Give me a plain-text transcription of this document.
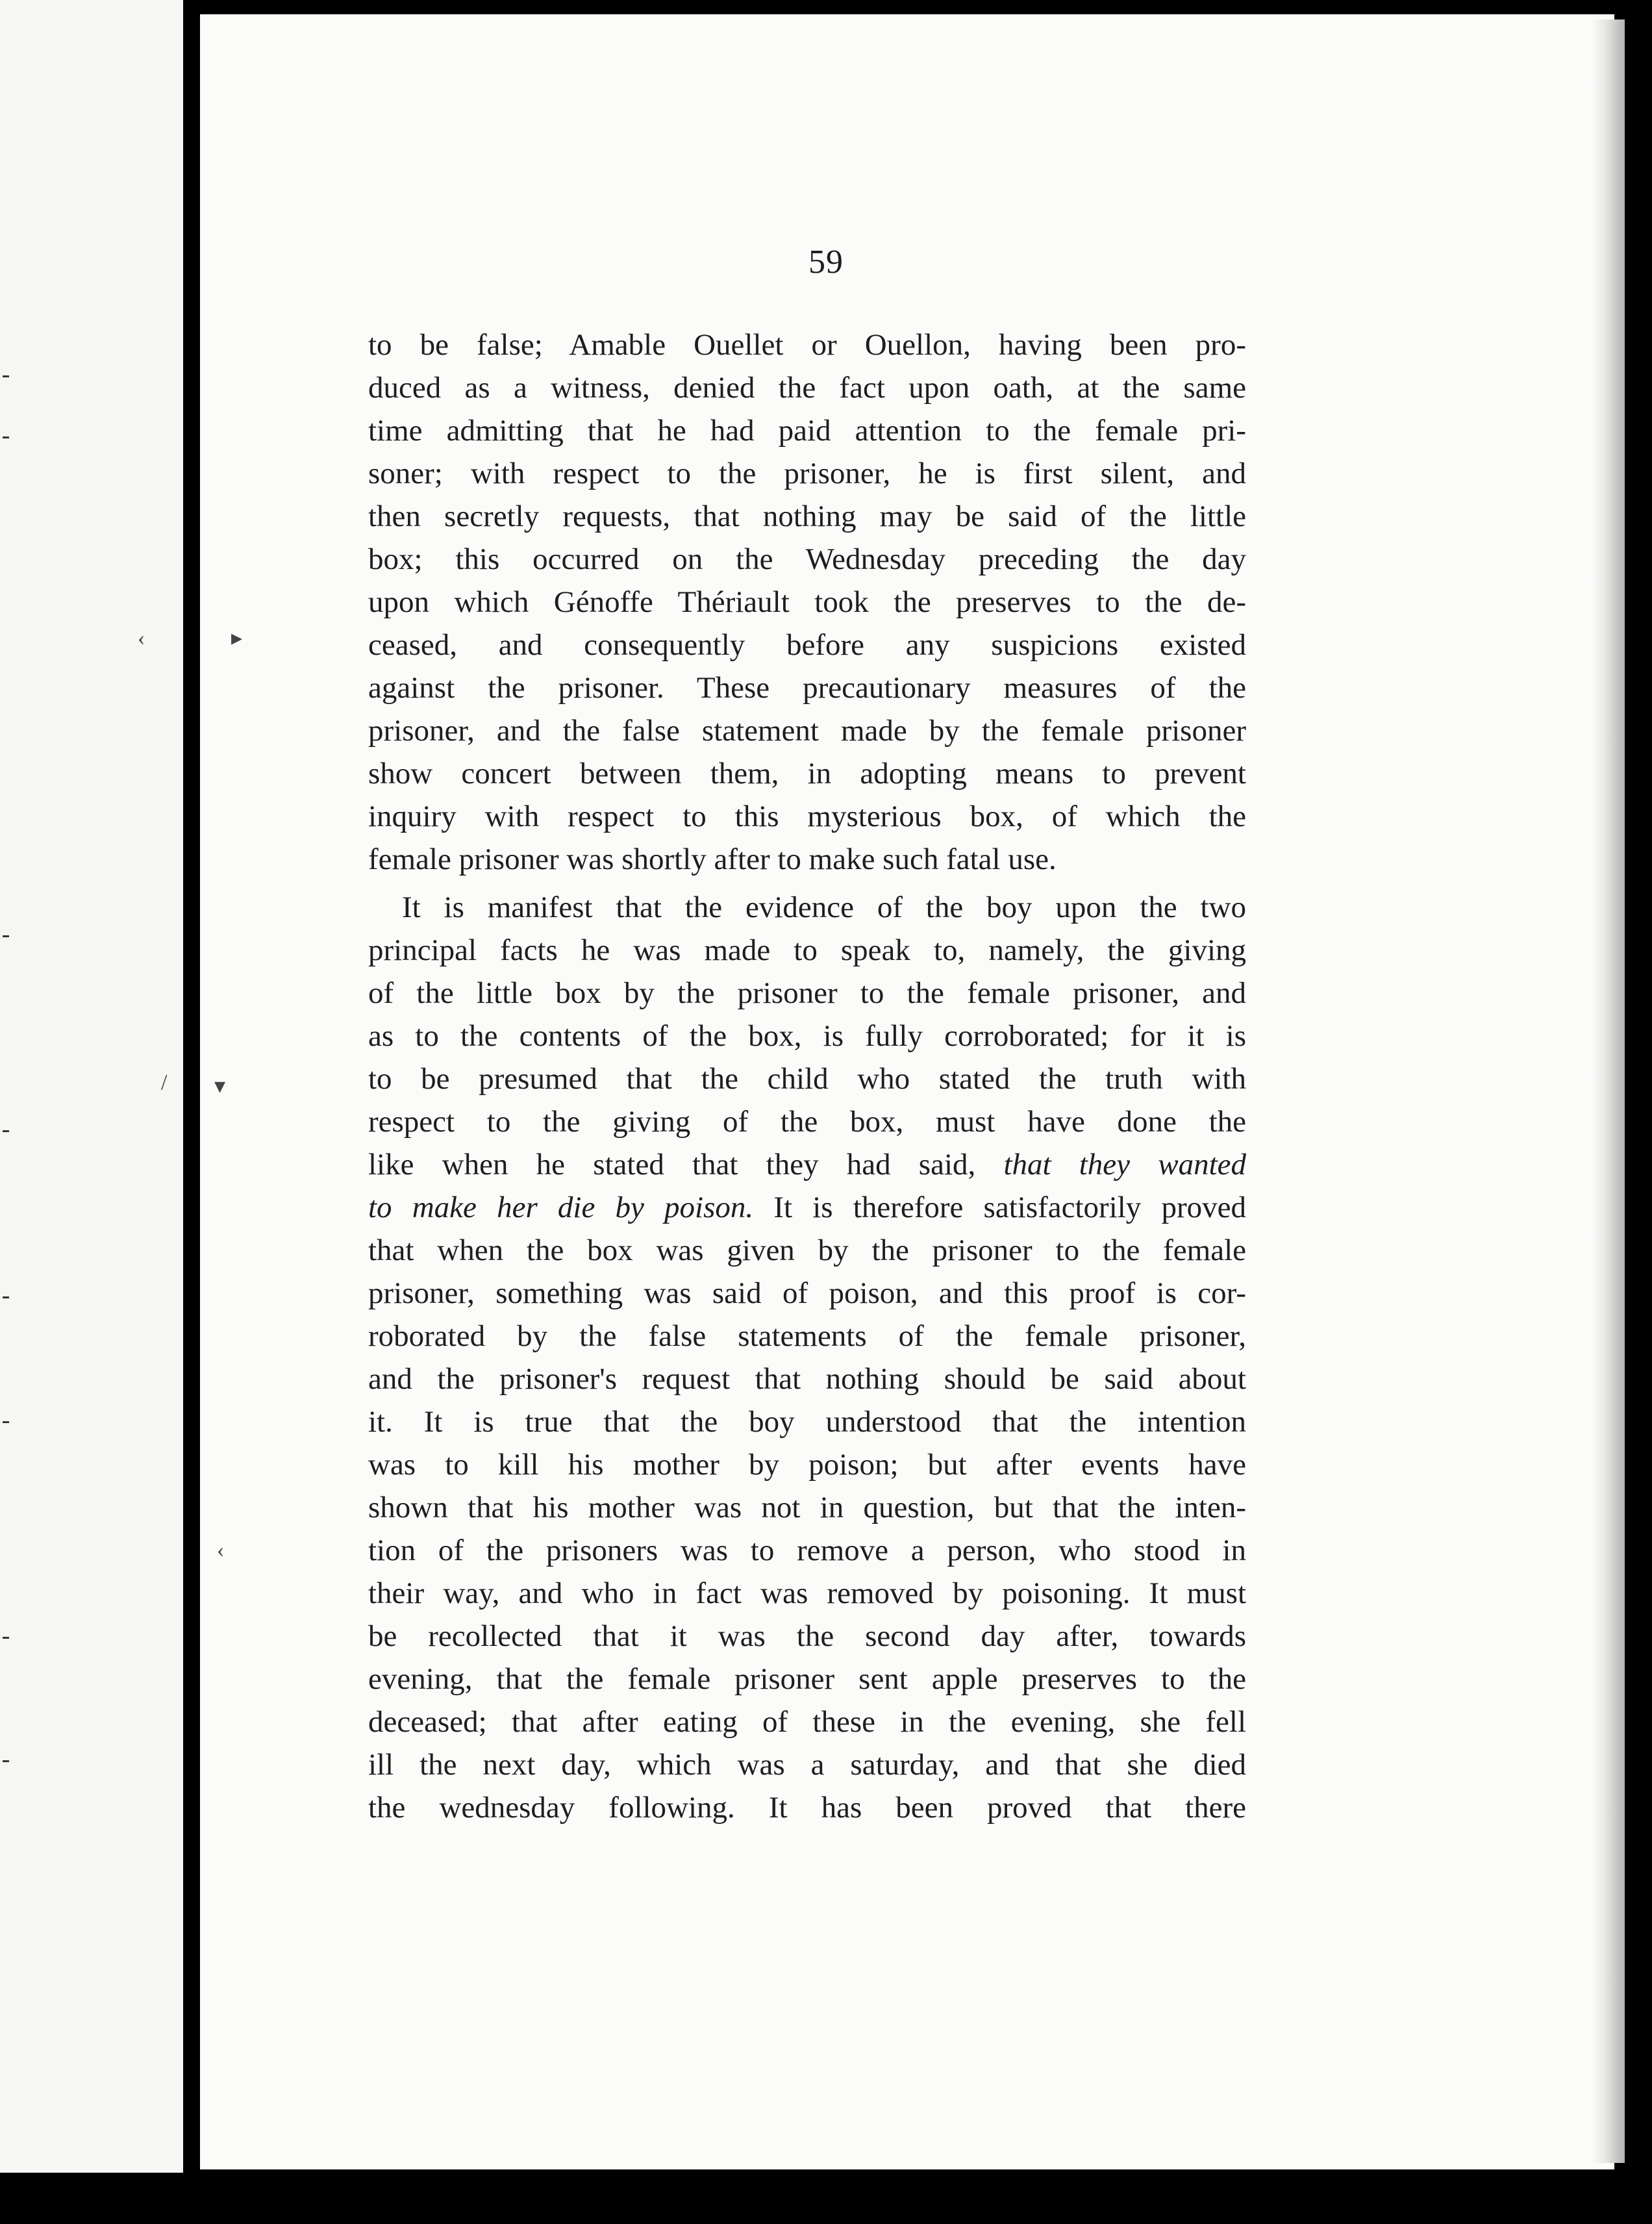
‹	▸
/ ▾
‹
59
to be false; Amable Ouellet or Ouellon, having been pro-
duced as a witness, denied the fact upon oath, at the same
time admitting that he had paid attention to the female pri-
soner; with respect to the prisoner, he is first silent, and
then secretly requests, that nothing may be said of the little
box; this occurred on the Wednesday preceding the day
upon which Génoffe Thériault took the preserves to the de-
ceased, and consequently before any suspicions existed
against the prisoner. These precautionary measures of the
prisoner, and the false statement made by the female prisoner
show concert between them, in adopting means to prevent
inquiry with respect to this mysterious box, of which the
female prisoner was shortly after to make such fatal use.
It is manifest that the evidence of the boy upon the two
principal facts he was made to speak to, namely, the giving
of the little box by the prisoner to the female prisoner, and
as to the contents of the box, is fully corroborated; for it is
to be presumed that the child who stated the truth with
respect to the giving of the box, must have done the
like when he stated that they had said, that they wanted
to make her die by poison. It is therefore satisfactorily proved
that when the box was given by the prisoner to the female
prisoner, something was said of poison, and this proof is cor-
roborated by the false statements of the female prisoner,
and the prisoner's request that nothing should be said about
it. It is true that the boy understood that the intention
was to kill his mother by poison; but after events have
shown that his mother was not in question, but that the inten-
tion of the prisoners was to remove a person, who stood in
their way, and who in fact was removed by poisoning. It must
be recollected that it was the second day after, towards
evening, that the female prisoner sent apple preserves to the
deceased; that after eating of these in the evening, she fell
ill the next day, which was a saturday, and that she died
the wednesday following. It has been proved that there
